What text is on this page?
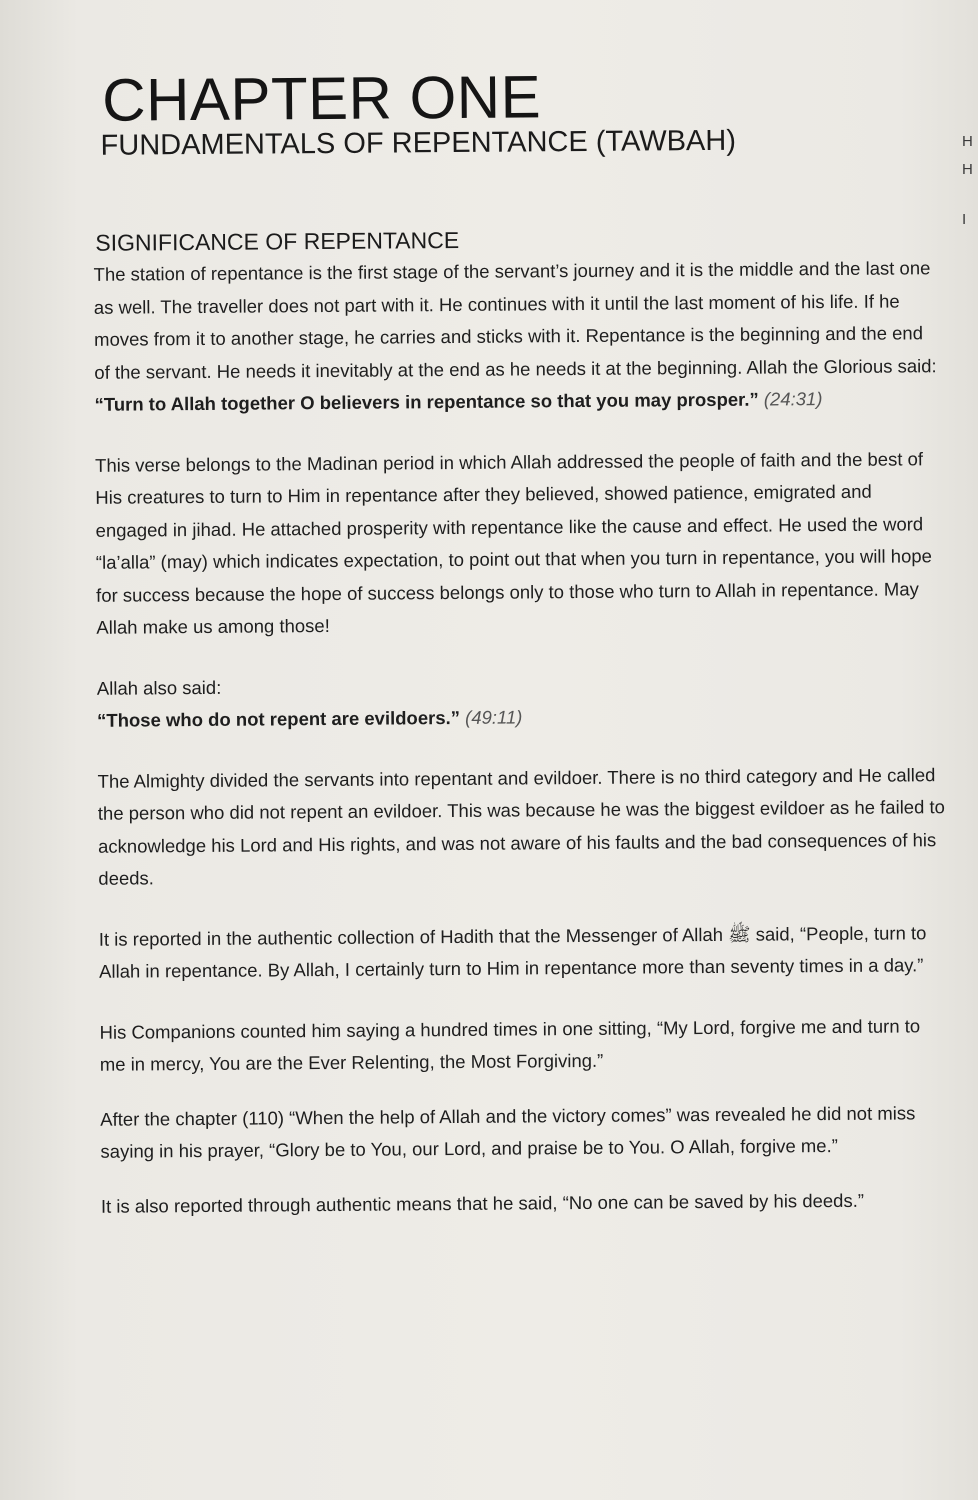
H
H
I
CHAPTER ONE
FUNDAMENTALS OF REPENTANCE (TAWBAH)
SIGNIFICANCE OF REPENTANCE

The station of repentance is the first stage of the servant’s journey and it is the middle and the last one as well. The traveller does not part with it. He continues with it until the last moment of his life. If he moves from it to another stage, he carries and sticks with it. Repentance is the beginning and the end of the servant. He needs it inevitably at the end as he needs it at the beginning. Allah the Glorious said:

“Turn to Allah together O believers in repentance so that you may prosper.” (24:31)

This verse belongs to the Madinan period in which Allah addressed the people of faith and the best of His creatures to turn to Him in repentance after they believed, showed patience, emigrated and engaged in jihad. He attached prosperity with repentance like the cause and effect. He used the word “la’alla” (may) which indicates expectation, to point out that when you turn in repentance, you will hope for success because the hope of success belongs only to those who turn to Allah in repentance. May Allah make us among those!

Allah also said:

“Those who do not repent are evildoers.” (49:11)

The Almighty divided the servants into repentant and evildoer. There is no third category and He called the person who did not repent an evildoer. This was because he was the biggest evildoer as he failed to acknowledge his Lord and His rights, and was not aware of his faults and the bad consequences of his deeds.

It is reported in the authentic collection of Hadith that the Messenger of Allah ﷺ said, “People, turn to Allah in repentance. By Allah, I certainly turn to Him in repentance more than seventy times in a day.”

His Companions counted him saying a hundred times in one sitting, “My Lord, forgive me and turn to me in mercy, You are the Ever Relenting, the Most Forgiving.”

After the chapter (110) “When the help of Allah and the victory comes” was revealed he did not miss saying in his prayer, “Glory be to You, our Lord, and praise be to You. O Allah, forgive me.”

It is also reported through authentic means that he said, “No one can be saved by his deeds.”
